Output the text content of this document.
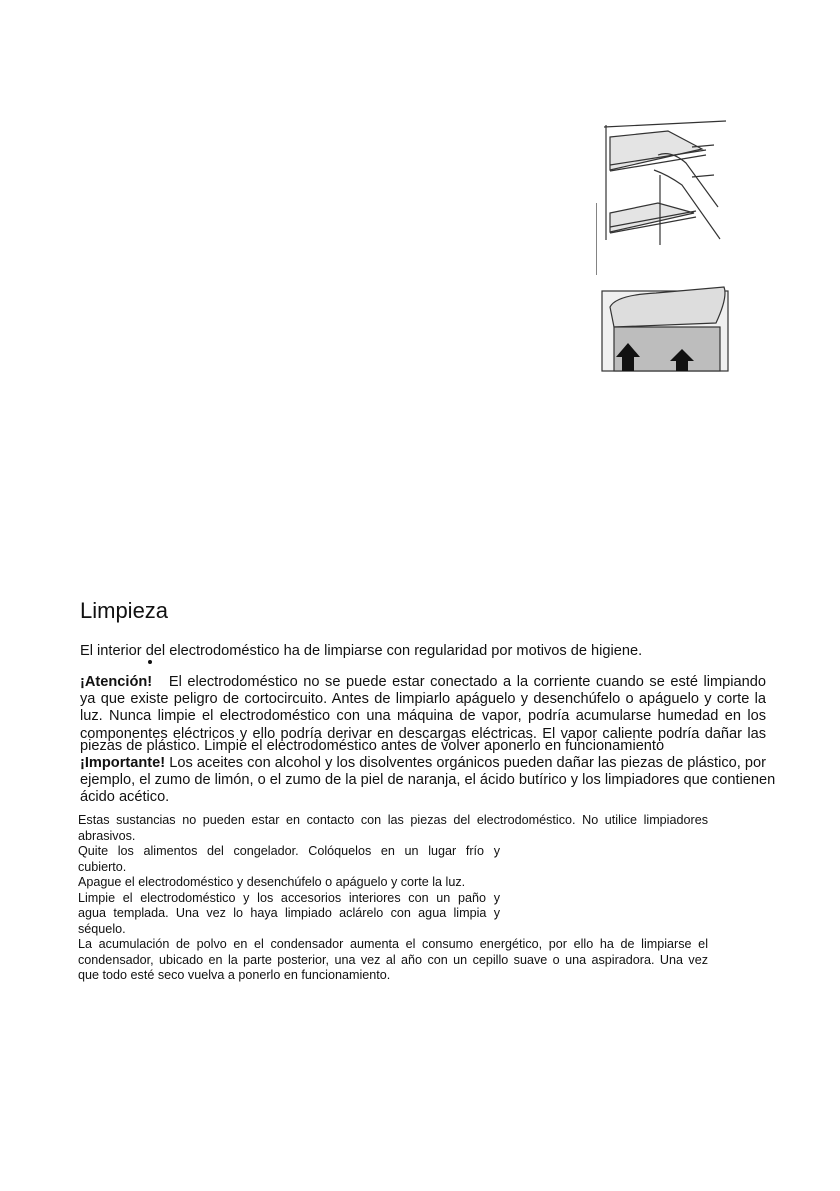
Limpieza
El interior del electrodoméstico ha de limpiarse con regularidad por motivos de higiene.
¡Atención! El electrodoméstico no se puede estar conectado a la corriente cuando se esté limpiando
ya que existe peligro de cortocircuito. Antes de limpiarlo apáguelo y desenchúfelo o apáguelo y corte la
luz. Nunca limpie el electrodoméstico con una máquina de vapor, podría acumularse humedad en los
componentes eléctricos y ello podría derivar en descargas eléctricas. El vapor caliente podría dañar las
piezas de plástico. Limpie el electrodoméstico antes de volver aponerlo en funcionamiento
¡Importante! Los aceites con alcohol y los disolventes orgánicos pueden dañar las piezas de plástico, por
ejemplo, el zumo de limón, o el zumo de la piel de naranja, el ácido butírico y los limpiadores que contienen
ácido acético.
Estas sustancias no pueden estar en contacto con las piezas del electrodoméstico. No utilice limpiadores
abrasivos.
Quite los alimentos del congelador. Colóquelos en un lugar frío y
cubierto.
Apague el electrodoméstico y desenchúfelo o apáguelo y corte la luz.
Limpie el electrodoméstico y los accesorios interiores con un paño y
agua templada. Una vez lo haya limpiado aclárelo con agua limpia y
séquelo.
La acumulación de polvo en el condensador aumenta el consumo energético, por ello ha de limpiarse el
condensador, ubicado en la parte posterior, una vez al año con un cepillo suave o una aspiradora. Una vez
que todo esté seco vuelva a ponerlo en funcionamiento.
